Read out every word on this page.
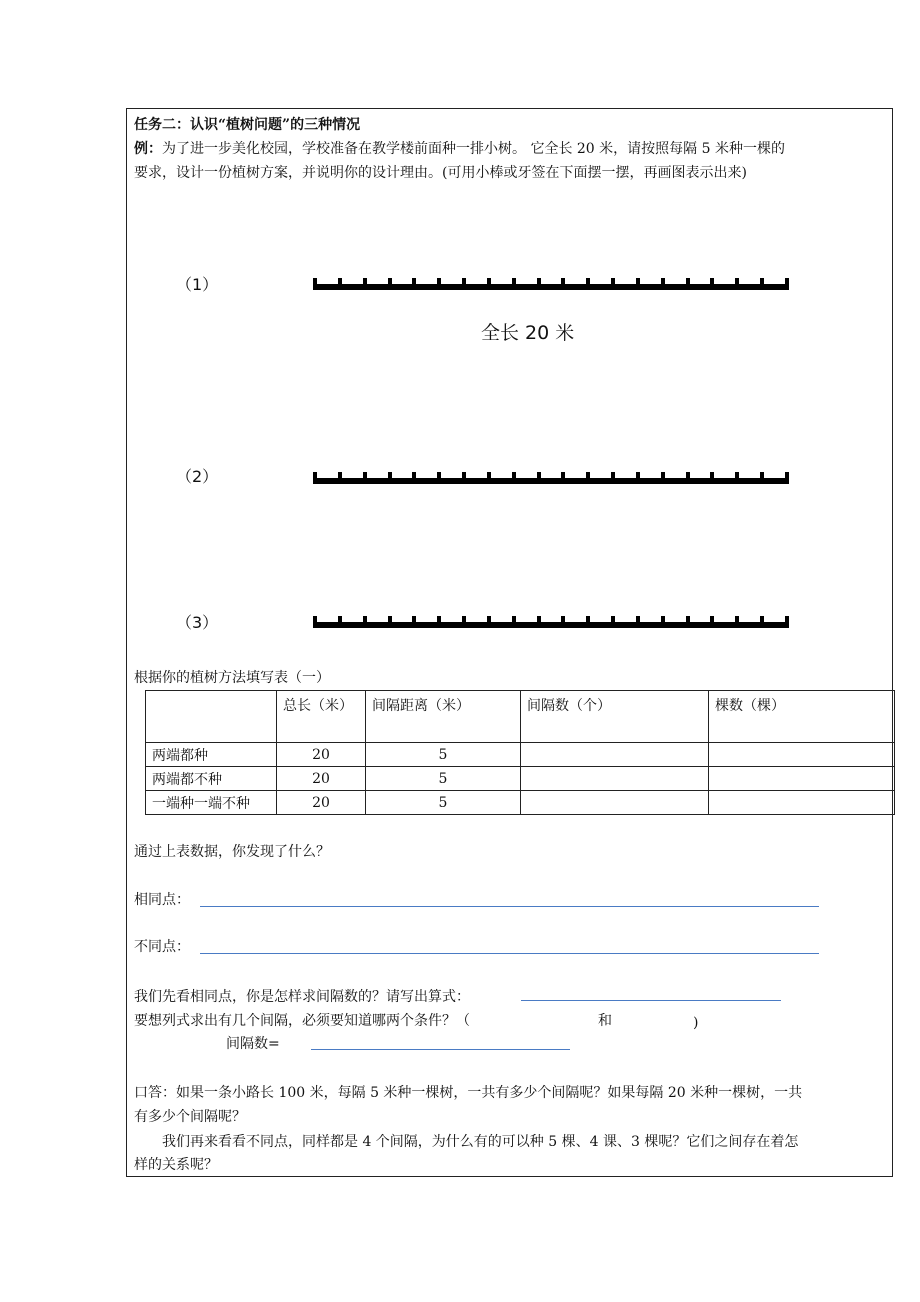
任务二：认识“植树问题”的三种情况
例：为了进一步美化校园，学校准备在教学楼前面种一排小树。 它全长 20 米，请按照每隔 5 米种一棵的
要求，设计一份植树方案，并说明你的设计理由。(可用小棒或牙签在下面摆一摆，再画图表示出来)
（1）
全长 20 米
（2）
（3）
根据你的植树方法填写表（一）
	总长（米）	间隔距离（米）	间隔数（个）	棵数（棵）
两端都种	20	5		
两端都不种	20	5		
一端种一端不种	20	5		
通过上表数据，你发现了什么？
相同点：
不同点：
我们先看相同点，你是怎样求间隔数的？请写出算式：
要想列式求出有几个间隔，必须要知道哪两个条件？（	和	)
间隔数=
口答：如果一条小路长 100 米，每隔 5 米种一棵树，一共有多少个间隔呢？如果每隔 20 米种一棵树，一共
有多少个间隔呢？
我们再来看看不同点，同样都是 4 个间隔，为什么有的可以种 5 棵、4 课、3 棵呢？它们之间存在着怎
样的关系呢？
